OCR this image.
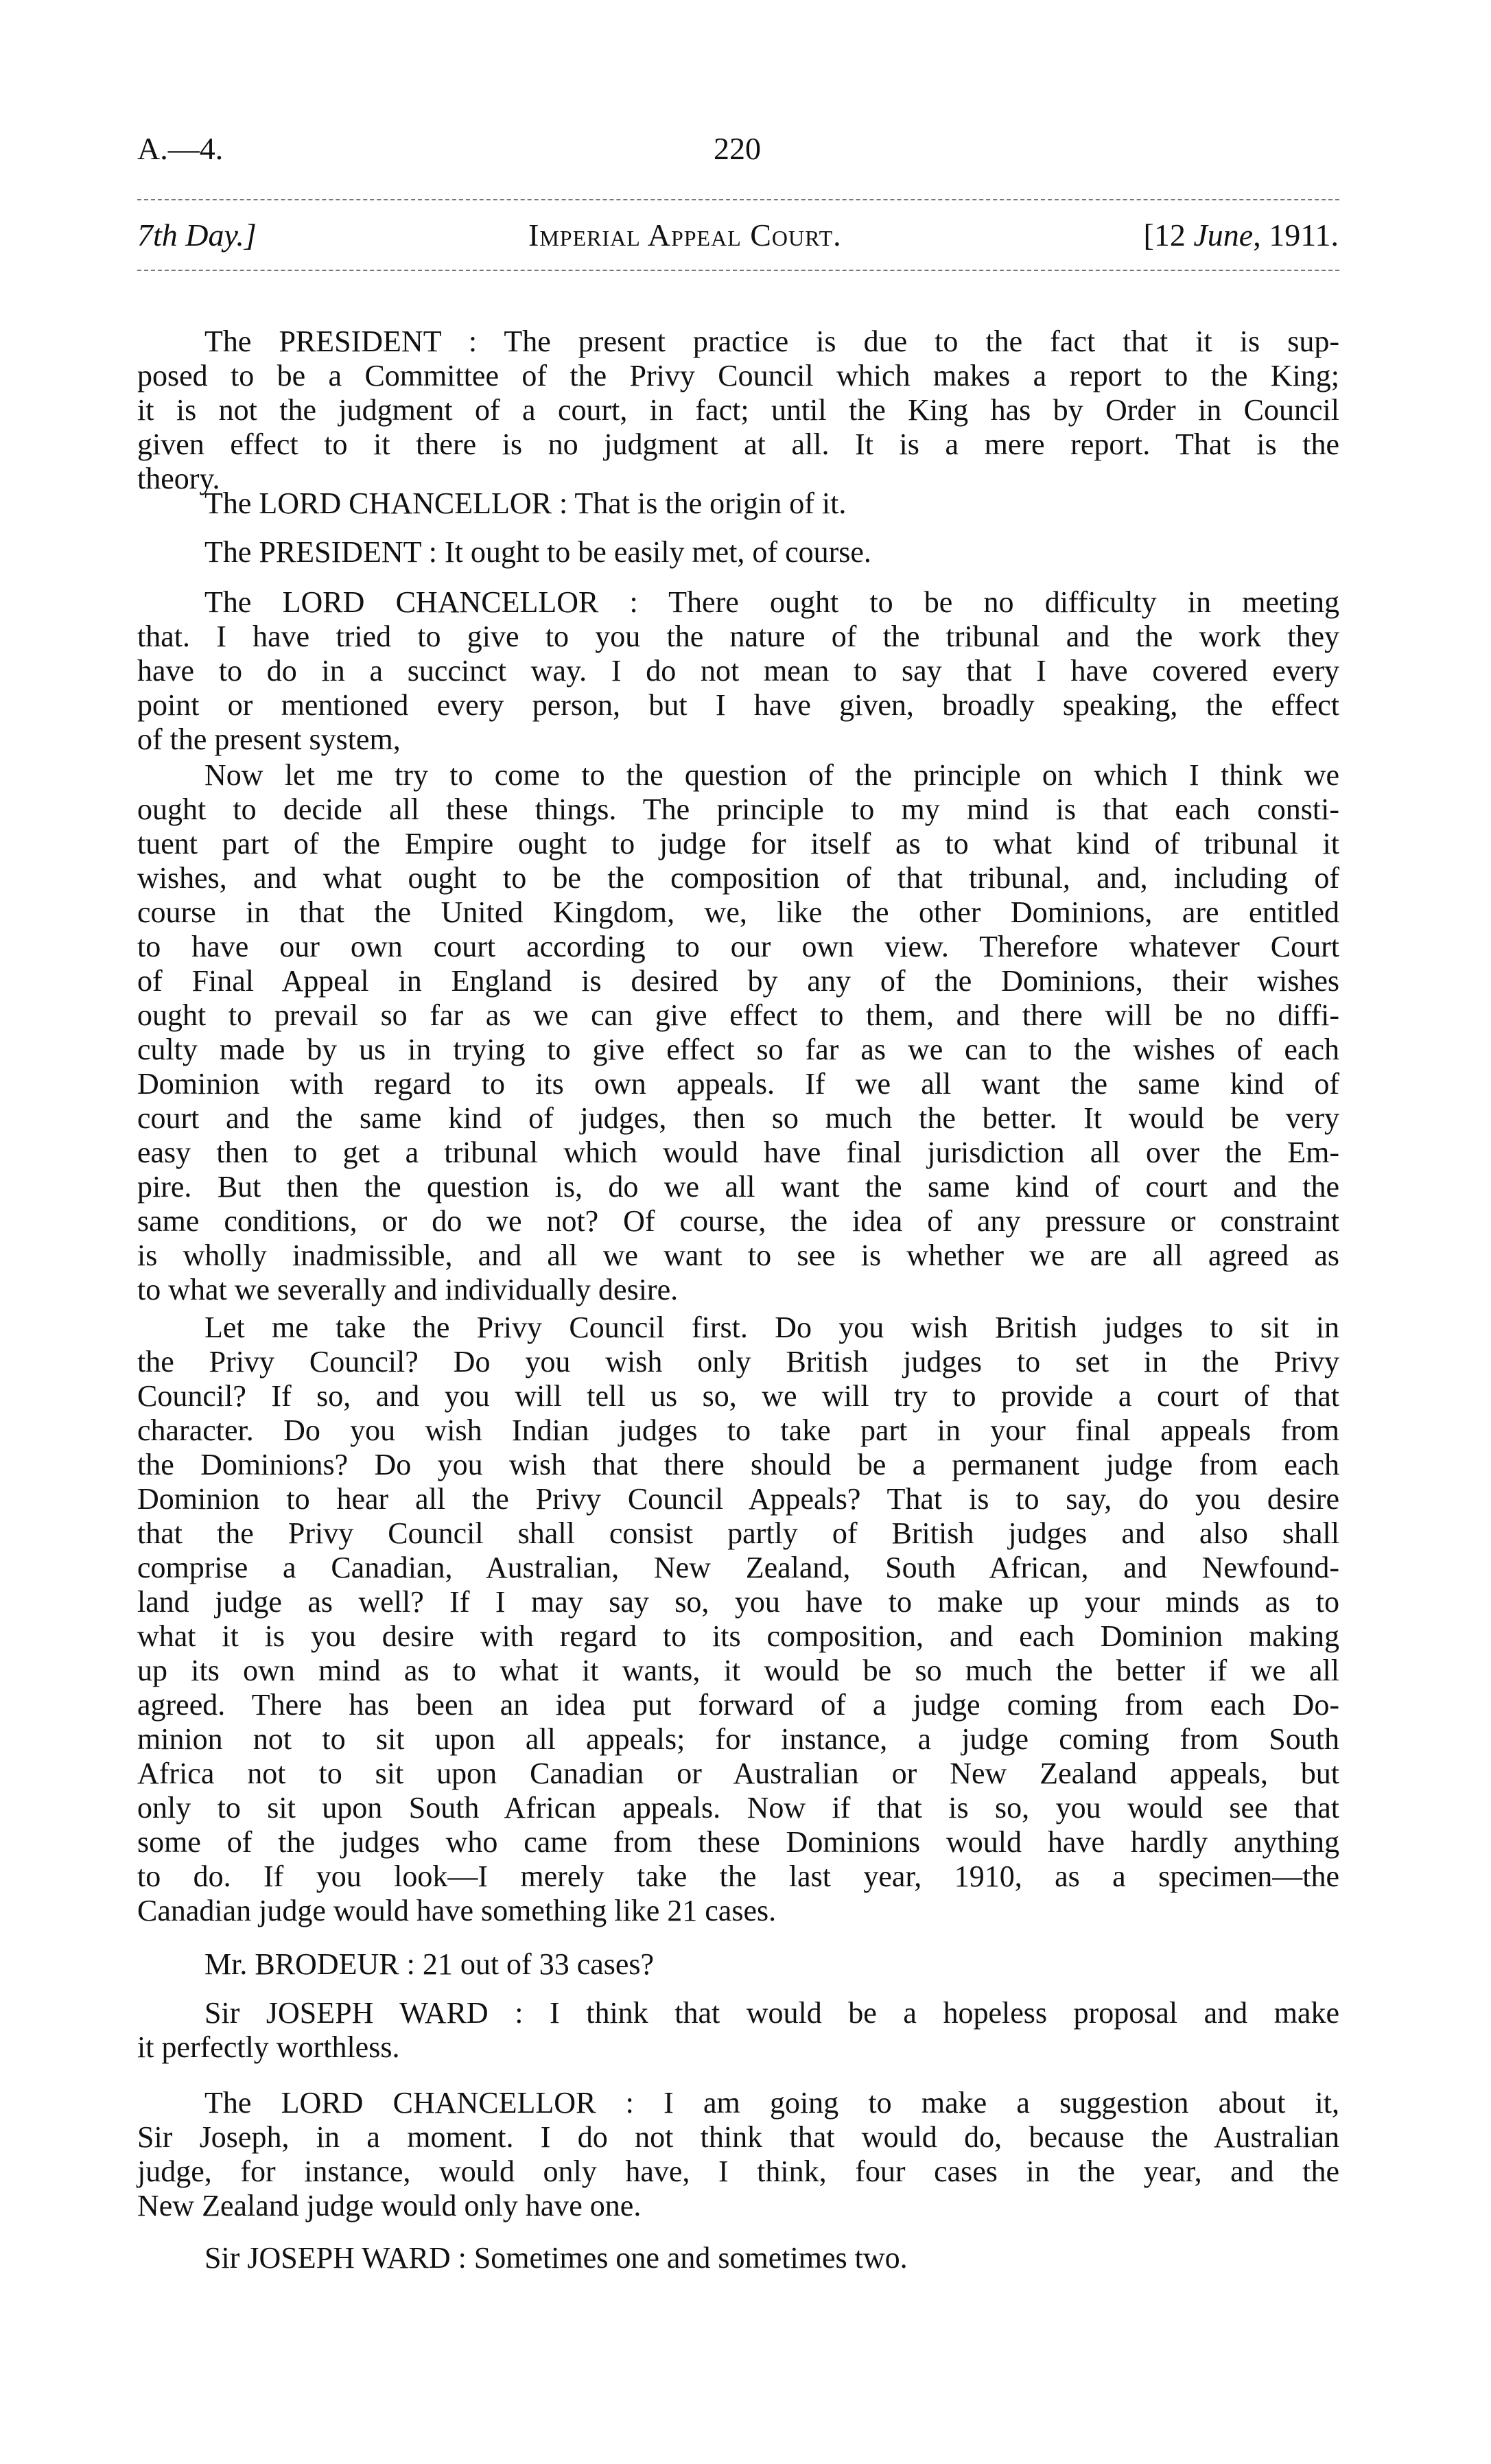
A.—4.	220
7th Day.]	Imperial Appeal Court.	[12 June, 1911.
The PRESIDENT : The present practice is due to the fact that it is sup-
posed to be a Committee of the Privy Council which makes a report to the King;
it is not the judgment of a court, in fact; until the King has by Order in Council
given effect to it there is no judgment at all. It is a mere report. That is the
theory.
The LORD CHANCELLOR : That is the origin of it.
The PRESIDENT : It ought to be easily met, of course.
The LORD CHANCELLOR : There ought to be no difficulty in meeting
that. I have tried to give to you the nature of the tribunal and the work they
have to do in a succinct way. I do not mean to say that I have covered every
point or mentioned every person, but I have given, broadly speaking, the effect
of the present system,
Now let me try to come to the question of the principle on which I think we
ought to decide all these things. The principle to my mind is that each consti-
tuent part of the Empire ought to judge for itself as to what kind of tribunal it
wishes, and what ought to be the composition of that tribunal, and, including of
course in that the United Kingdom, we, like the other Dominions, are entitled
to have our own court according to our own view. Therefore whatever Court
of Final Appeal in England is desired by any of the Dominions, their wishes
ought to prevail so far as we can give effect to them, and there will be no diffi-
culty made by us in trying to give effect so far as we can to the wishes of each
Dominion with regard to its own appeals. If we all want the same kind of
court and the same kind of judges, then so much the better. It would be very
easy then to get a tribunal which would have final jurisdiction all over the Em-
pire. But then the question is, do we all want the same kind of court and the
same conditions, or do we not? Of course, the idea of any pressure or constraint
is wholly inadmissible, and all we want to see is whether we are all agreed as
to what we severally and individually desire.
Let me take the Privy Council first. Do you wish British judges to sit in
the Privy Council? Do you wish only British judges to set in the Privy
Council? If so, and you will tell us so, we will try to provide a court of that
character. Do you wish Indian judges to take part in your final appeals from
the Dominions? Do you wish that there should be a permanent judge from each
Dominion to hear all the Privy Council Appeals? That is to say, do you desire
that the Privy Council shall consist partly of British judges and also shall
comprise a Canadian, Australian, New Zealand, South African, and Newfound-
land judge as well? If I may say so, you have to make up your minds as to
what it is you desire with regard to its composition, and each Dominion making
up its own mind as to what it wants, it would be so much the better if we all
agreed. There has been an idea put forward of a judge coming from each Do-
minion not to sit upon all appeals; for instance, a judge coming from South
Africa not to sit upon Canadian or Australian or New Zealand appeals, but
only to sit upon South African appeals. Now if that is so, you would see that
some of the judges who came from these Dominions would have hardly anything
to do. If you look—I merely take the last year, 1910, as a specimen—the
Canadian judge would have something like 21 cases.
Mr. BRODEUR : 21 out of 33 cases?
Sir JOSEPH WARD : I think that would be a hopeless proposal and make
it perfectly worthless.
The LORD CHANCELLOR : I am going to make a suggestion about it,
Sir Joseph, in a moment. I do not think that would do, because the Australian
judge, for instance, would only have, I think, four cases in the year, and the
New Zealand judge would only have one.
Sir JOSEPH WARD : Sometimes one and sometimes two.
